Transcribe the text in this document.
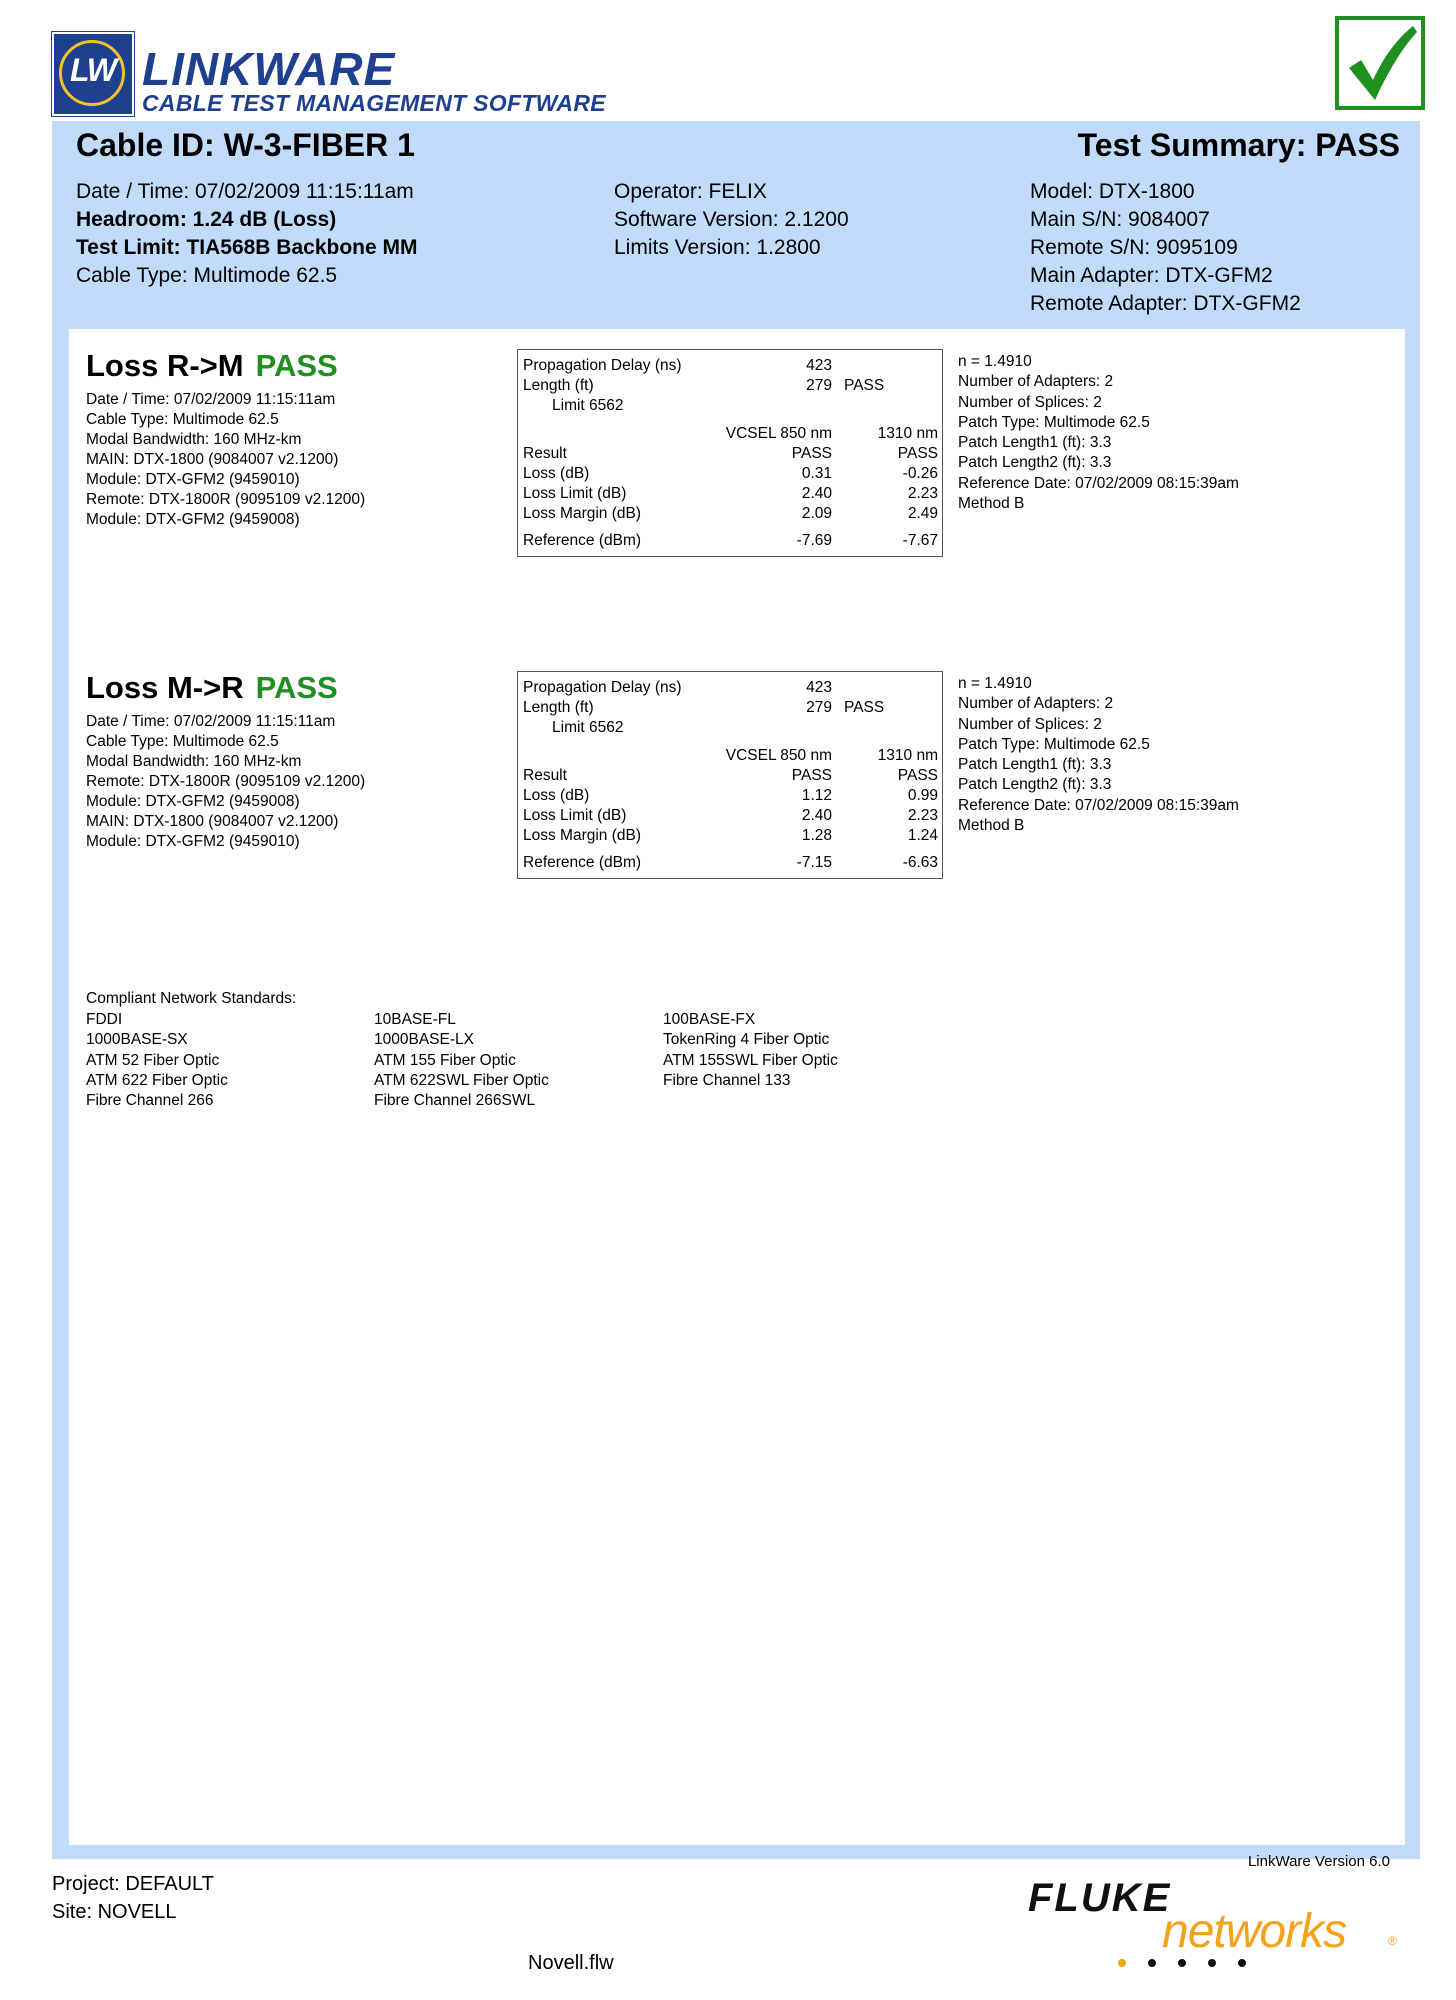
LW LINKWARE
CABLE TEST MANAGEMENT SOFTWARE
Cable ID: W-3-FIBER 1	Test Summary: PASS
Date / Time: 07/02/2009 11:15:11am
Headroom: 1.24 dB (Loss)
Test Limit: TIA568B Backbone MM
Cable Type: Multimode 62.5
Operator: FELIX
Software Version: 2.1200
Limits Version: 1.2800
Model: DTX-1800
Main S/N: 9084007
Remote S/N: 9095109
Main Adapter: DTX-GFM2
Remote Adapter: DTX-GFM2
Loss R->M PASS
Date / Time: 07/02/2009 11:15:11am
Cable Type: Multimode 62.5
Modal Bandwidth: 160 MHz-km
MAIN: DTX-1800 (9084007 v2.1200)
Module: DTX-GFM2 (9459010)
Remote: DTX-1800R (9095109 v2.1200)
Module: DTX-GFM2 (9459008)
Propagation Delay (ns)	423
Length (ft)	279 PASS
Limit 6562
VCSEL 850 nm	1310 nm
Result	PASS	PASS
Loss (dB)	0.31	-0.26
Loss Limit (dB)	2.40	2.23
Loss Margin (dB)	2.09	2.49
Reference (dBm)	-7.69	-7.67
n = 1.4910
Number of Adapters: 2
Number of Splices: 2
Patch Type: Multimode 62.5
Patch Length1 (ft): 3.3
Patch Length2 (ft): 3.3
Reference Date: 07/02/2009 08:15:39am
Method B
Loss M->R PASS
Date / Time: 07/02/2009 11:15:11am
Cable Type: Multimode 62.5
Modal Bandwidth: 160 MHz-km
Remote: DTX-1800R (9095109 v2.1200)
Module: DTX-GFM2 (9459008)
MAIN: DTX-1800 (9084007 v2.1200)
Module: DTX-GFM2 (9459010)
Propagation Delay (ns)	423
Length (ft)	279 PASS
Limit 6562
VCSEL 850 nm	1310 nm
Result	PASS	PASS
Loss (dB)	1.12	0.99
Loss Limit (dB)	2.40	2.23
Loss Margin (dB)	1.28	1.24
Reference (dBm)	-7.15	-6.63
n = 1.4910
Number of Adapters: 2
Number of Splices: 2
Patch Type: Multimode 62.5
Patch Length1 (ft): 3.3
Patch Length2 (ft): 3.3
Reference Date: 07/02/2009 08:15:39am
Method B
Compliant Network Standards:
FDDI
1000BASE-SX
ATM 52 Fiber Optic
ATM 622 Fiber Optic
Fibre Channel 266
10BASE-FL
1000BASE-LX
ATM 155 Fiber Optic
ATM 622SWL Fiber Optic
Fibre Channel 266SWL
100BASE-FX
TokenRing 4 Fiber Optic
ATM 155SWL Fiber Optic
Fibre Channel 133
LinkWare Version 6.0
Project: DEFAULT
Site: NOVELL
Novell.flw
FLUKE
networks	®
